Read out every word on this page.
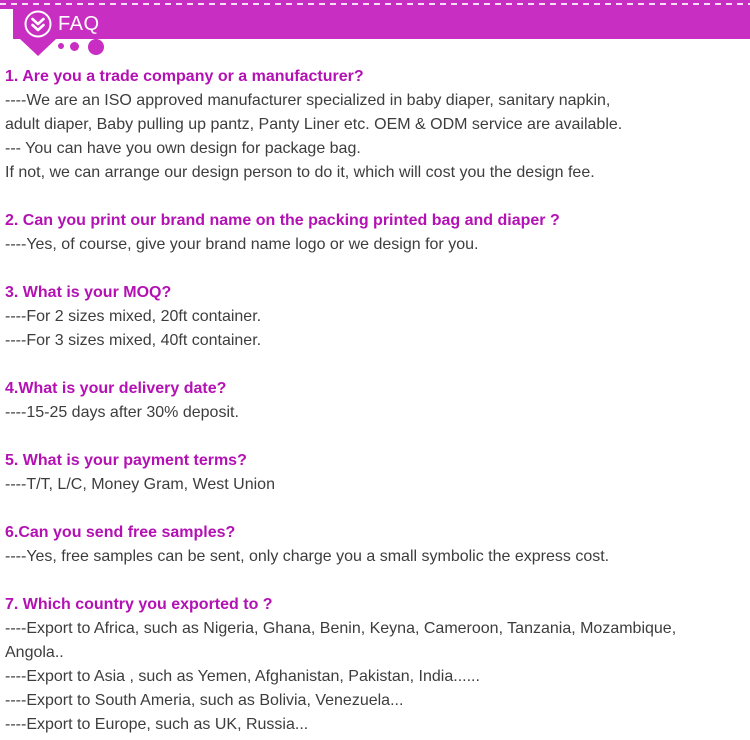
FAQ
1. Are you a trade company or a manufacturer?
----We are an ISO approved manufacturer specialized in baby diaper, sanitary napkin,
adult diaper, Baby pulling up pantz, Panty Liner etc. OEM & ODM service are available.
--- You can have you own design for package bag.
If not, we can arrange our design person to do it, which will cost you the design fee.
2. Can you print our brand name on the packing printed bag and diaper ?
----Yes, of course, give your brand name logo or we design for you.
3. What is your MOQ?
----For 2 sizes mixed, 20ft container.
----For 3 sizes mixed, 40ft container.
4.What is your delivery date?
----15-25 days after 30% deposit.
5. What is your payment terms?
----T/T, L/C, Money Gram, West Union
6.Can you send free samples?
----Yes, free samples can be sent, only charge you a small symbolic the express cost.
7. Which country you exported to ?
----Export to Africa, such as Nigeria, Ghana, Benin, Keyna, Cameroon, Tanzania, Mozambique,
Angola..
----Export to Asia , such as Yemen, Afghanistan, Pakistan, India......
----Export to South Ameria, such as Bolivia, Venezuela...
----Export to Europe, such as UK, Russia...
